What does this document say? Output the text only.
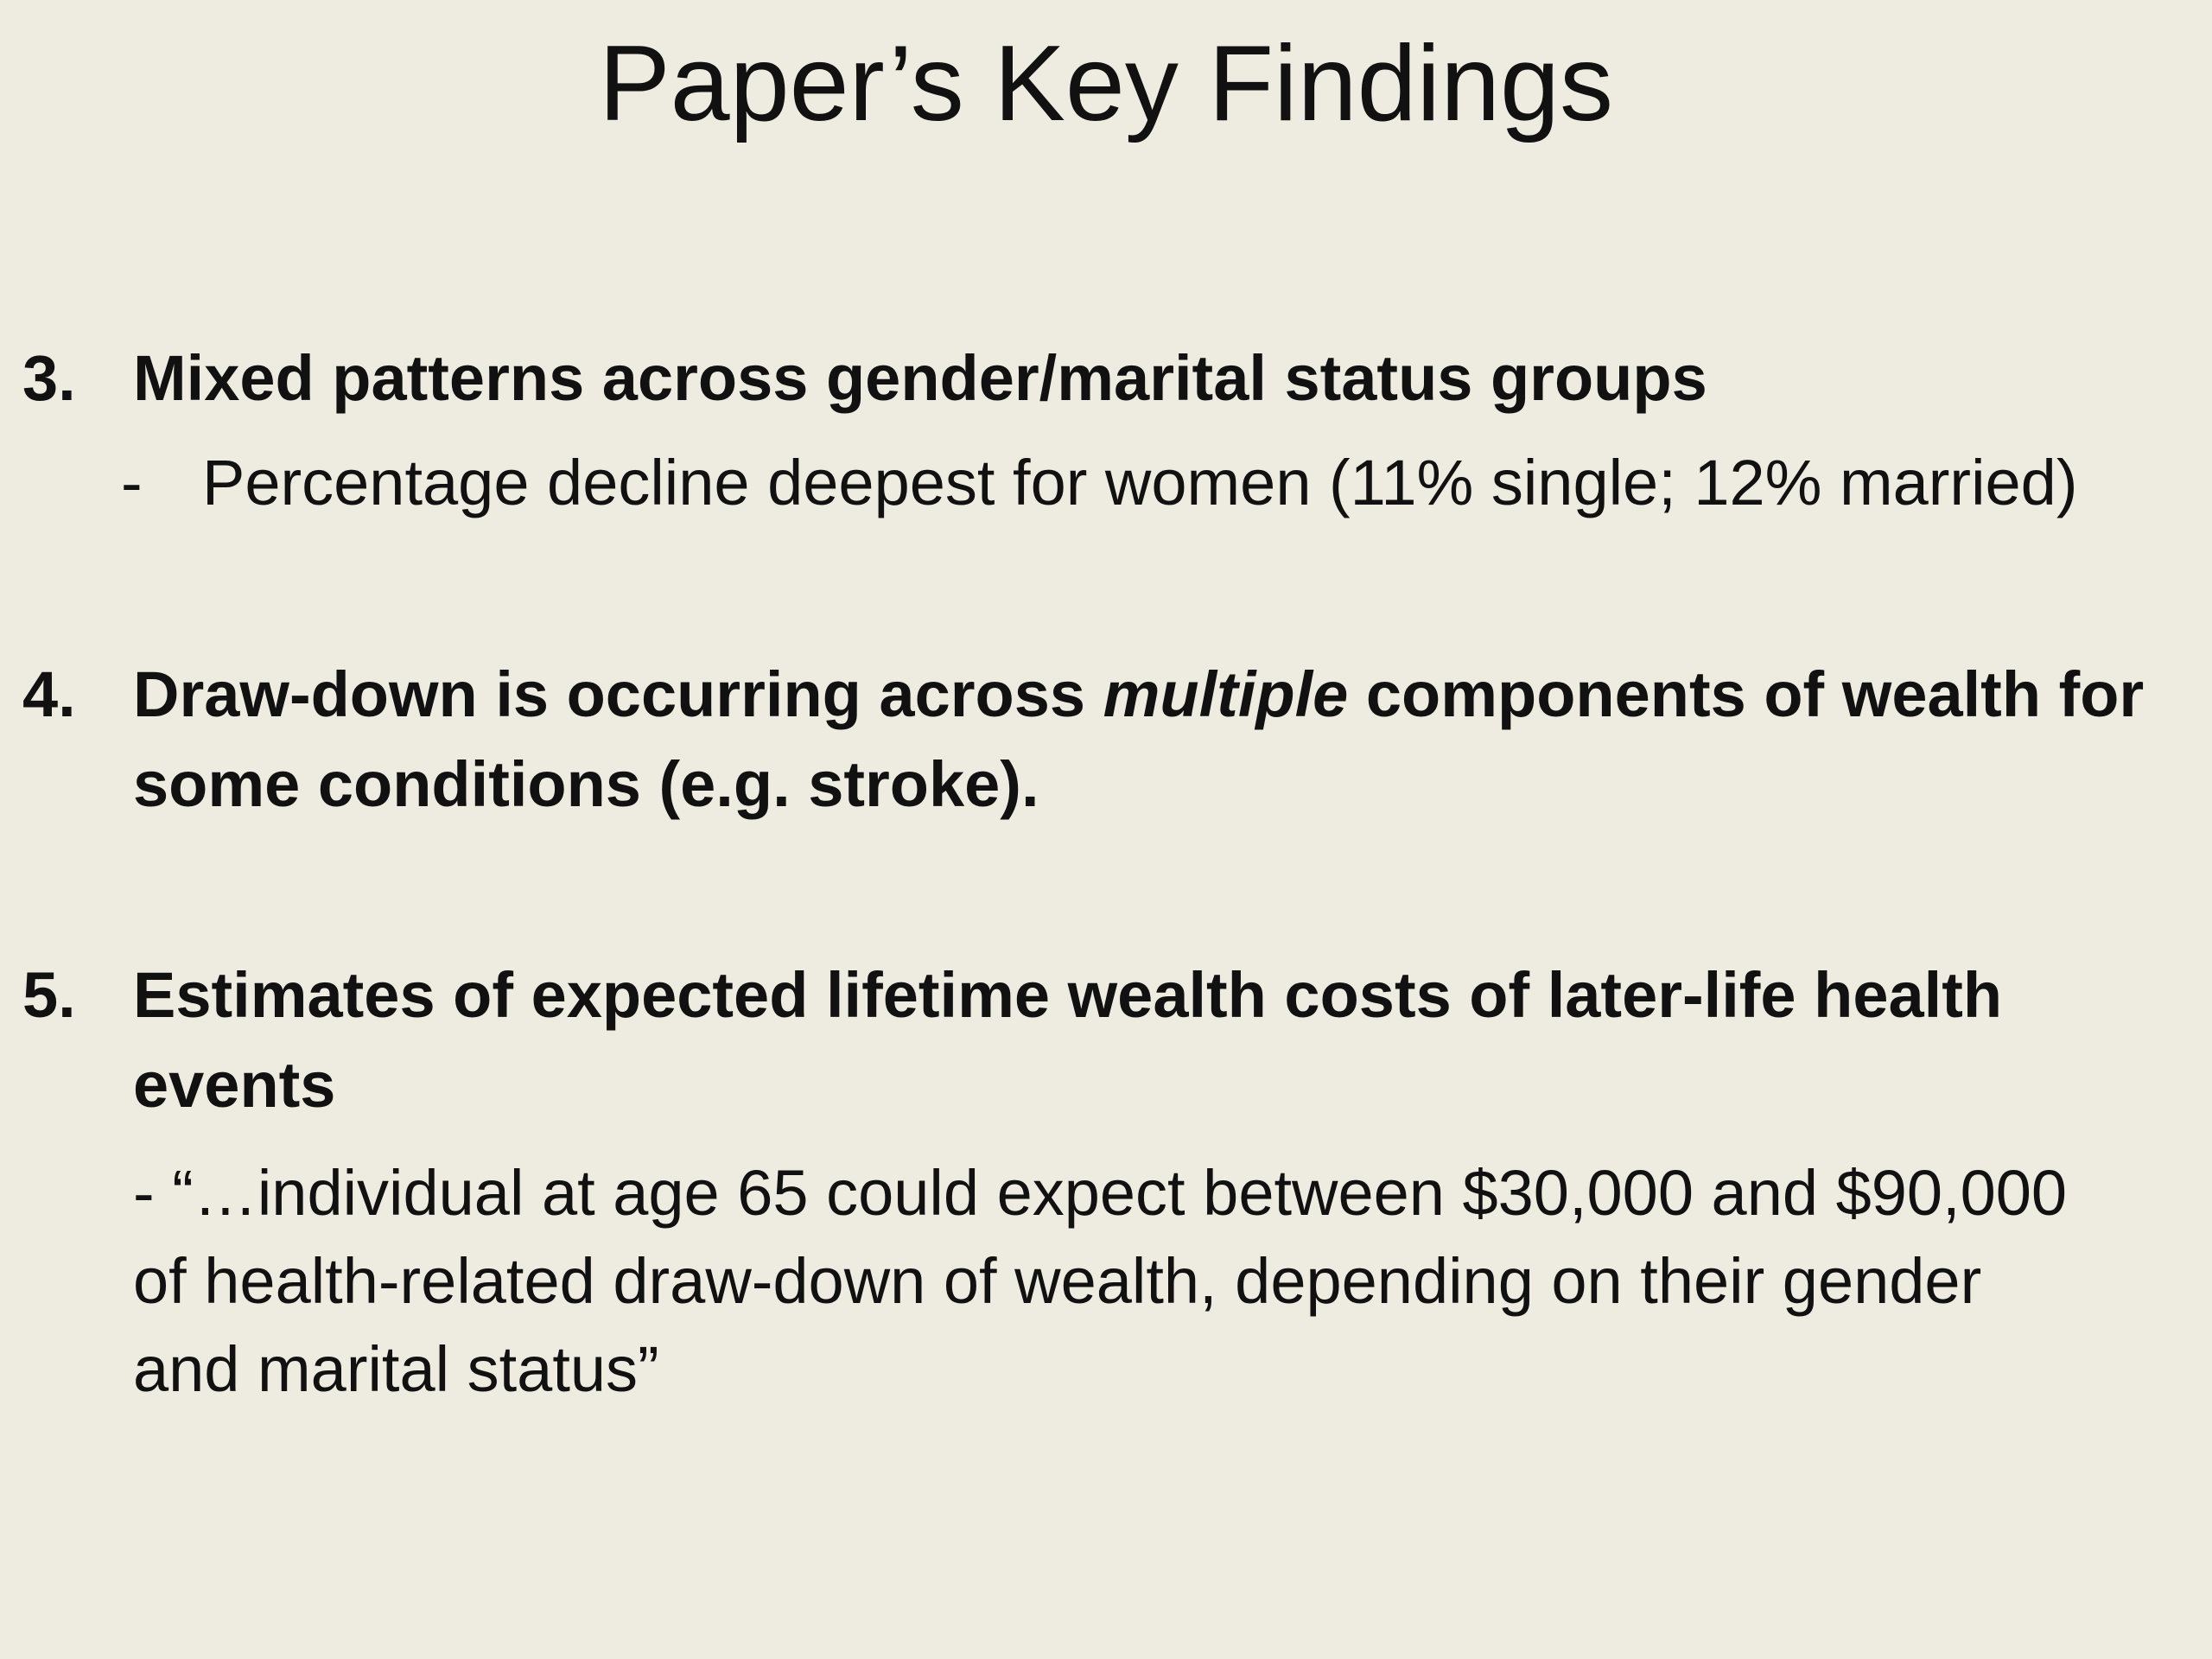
Paper’s Key Findings
3. Mixed patterns across gender/marital status groups
- Percentage decline deepest for women (11% single; 12% married)
4. Draw-down is occurring across multiple components of wealth for
some conditions (e.g. stroke).
5. Estimates of expected lifetime wealth costs of later-life health
events
- “…individual at age 65 could expect between $30,000 and $90,000
of health-related draw-down of wealth, depending on their gender
and marital status”
